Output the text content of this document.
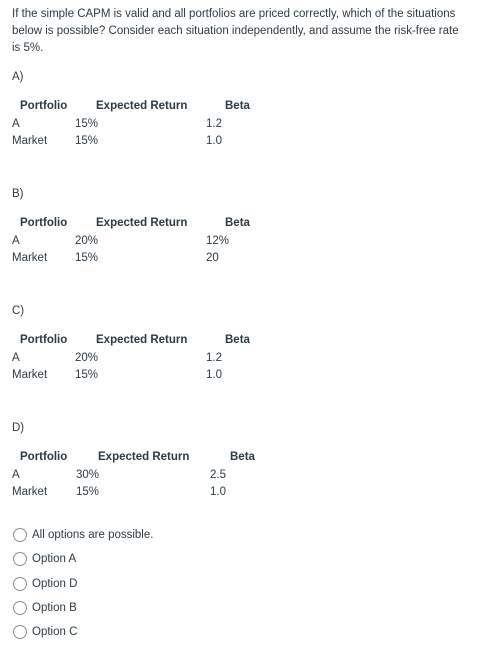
If the simple CAPM is valid and all portfolios are priced correctly, which of the situations below is possible? Consider each situation independently, and assume the risk-free rate is 5%.

A)
Portfolio Expected Return	Beta
A	15%	1.2
Market 15%	1.0
B)
Portfolio Expected Return	Beta
A	20%	12%
Market 15%	20
C)
Portfolio Expected Return	Beta
A	20%	1.2
Market 15%	1.0
D)
Portfolio	Expected Return	Beta
A	30%	2.5
Market	15%	1.0
All options are possible.
Option A
Option D
Option B
Option C
